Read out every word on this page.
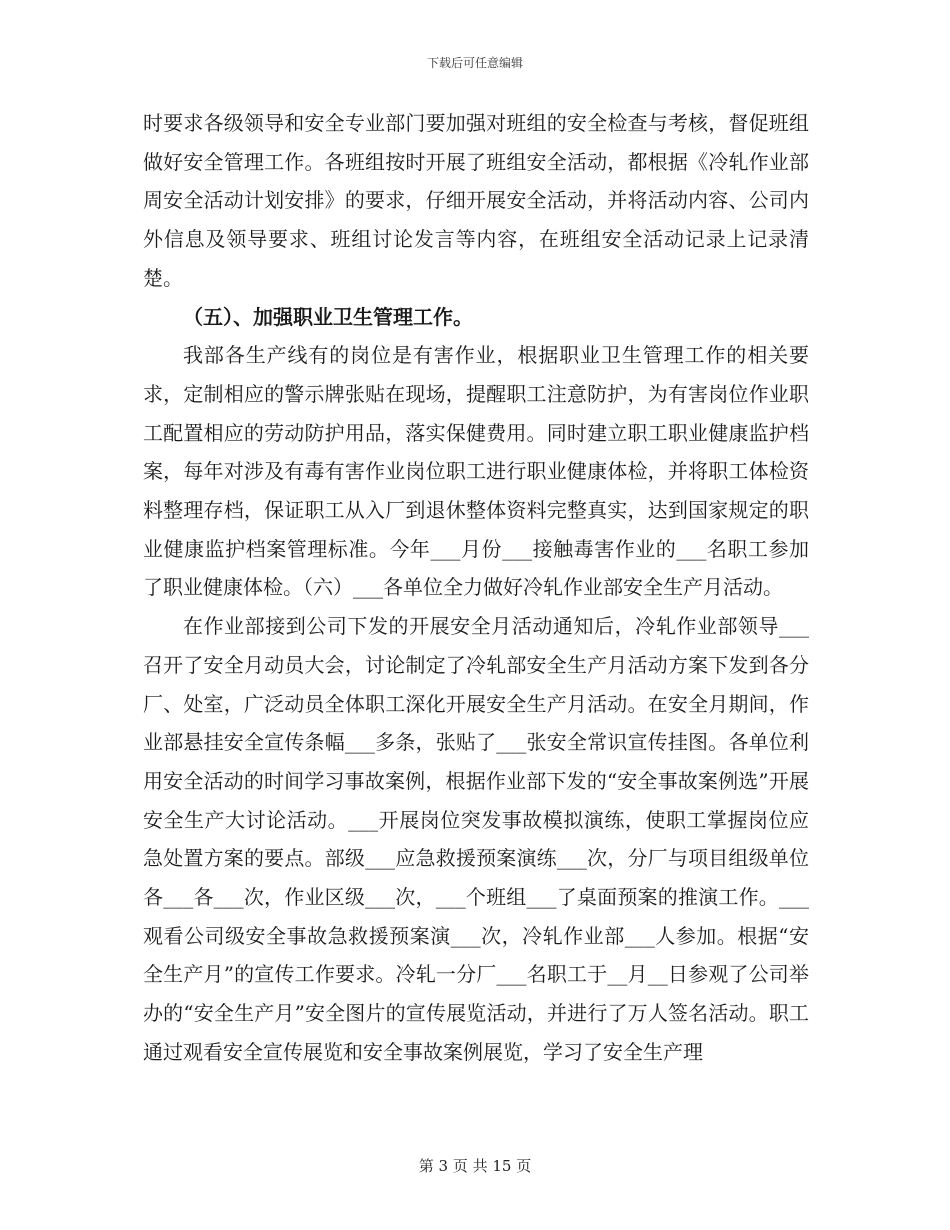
下载后可任意编辑

时要求各级领导和安全专业部门要加强对班组的安全检查与考核，督促班组做好安全管理工作。各班组按时开展了班组安全活动，都根据《冷轧作业部周安全活动计划安排》的要求，仔细开展安全活动，并将活动内容、公司内外信息及领导要求、班组讨论发言等内容，在班组安全活动记录上记录清楚。

（五）、加强职业卫生管理工作。

我部各生产线有的岗位是有害作业，根据职业卫生管理工作的相关要求，定制相应的警示牌张贴在现场，提醒职工注意防护，为有害岗位作业职工配置相应的劳动防护用品，落实保健费用。同时建立职工职业健康监护档案，每年对涉及有毒有害作业岗位职工进行职业健康体检，并将职工体检资料整理存档，保证职工从入厂到退休整体资料完整真实，达到国家规定的职业健康监护档案管理标准。今年___月份___接触毒害作业的___名职工参加了职业健康体检。（六）___各单位全力做好冷轧作业部安全生产月活动。

在作业部接到公司下发的开展安全月活动通知后，冷轧作业部领导___召开了安全月动员大会，讨论制定了冷轧部安全生产月活动方案下发到各分厂、处室，广泛动员全体职工深化开展安全生产月活动。在安全月期间，作业部悬挂安全宣传条幅___多条，张贴了___张安全常识宣传挂图。各单位利用安全活动的时间学习事故案例，根据作业部下发的“安全事故案例选”开展安全生产大讨论活动。___开展岗位突发事故模拟演练，使职工掌握岗位应急处置方案的要点。部级___应急救援预案演练___次，分厂与项目组级单位各___各___次，作业区级___次，___个班组___了桌面预案的推演工作。___观看公司级安全事故急救援预案演___次，冷轧作业部___人参加。根据“安全生产月”的宣传工作要求。冷轧一分厂___名职工于__月__日参观了公司举办的“安全生产月”安全图片的宣传展览活动，并进行了万人签名活动。职工通过观看安全宣传展览和安全事故案例展览，学习了安全生产理

第 3 页 共 15 页
